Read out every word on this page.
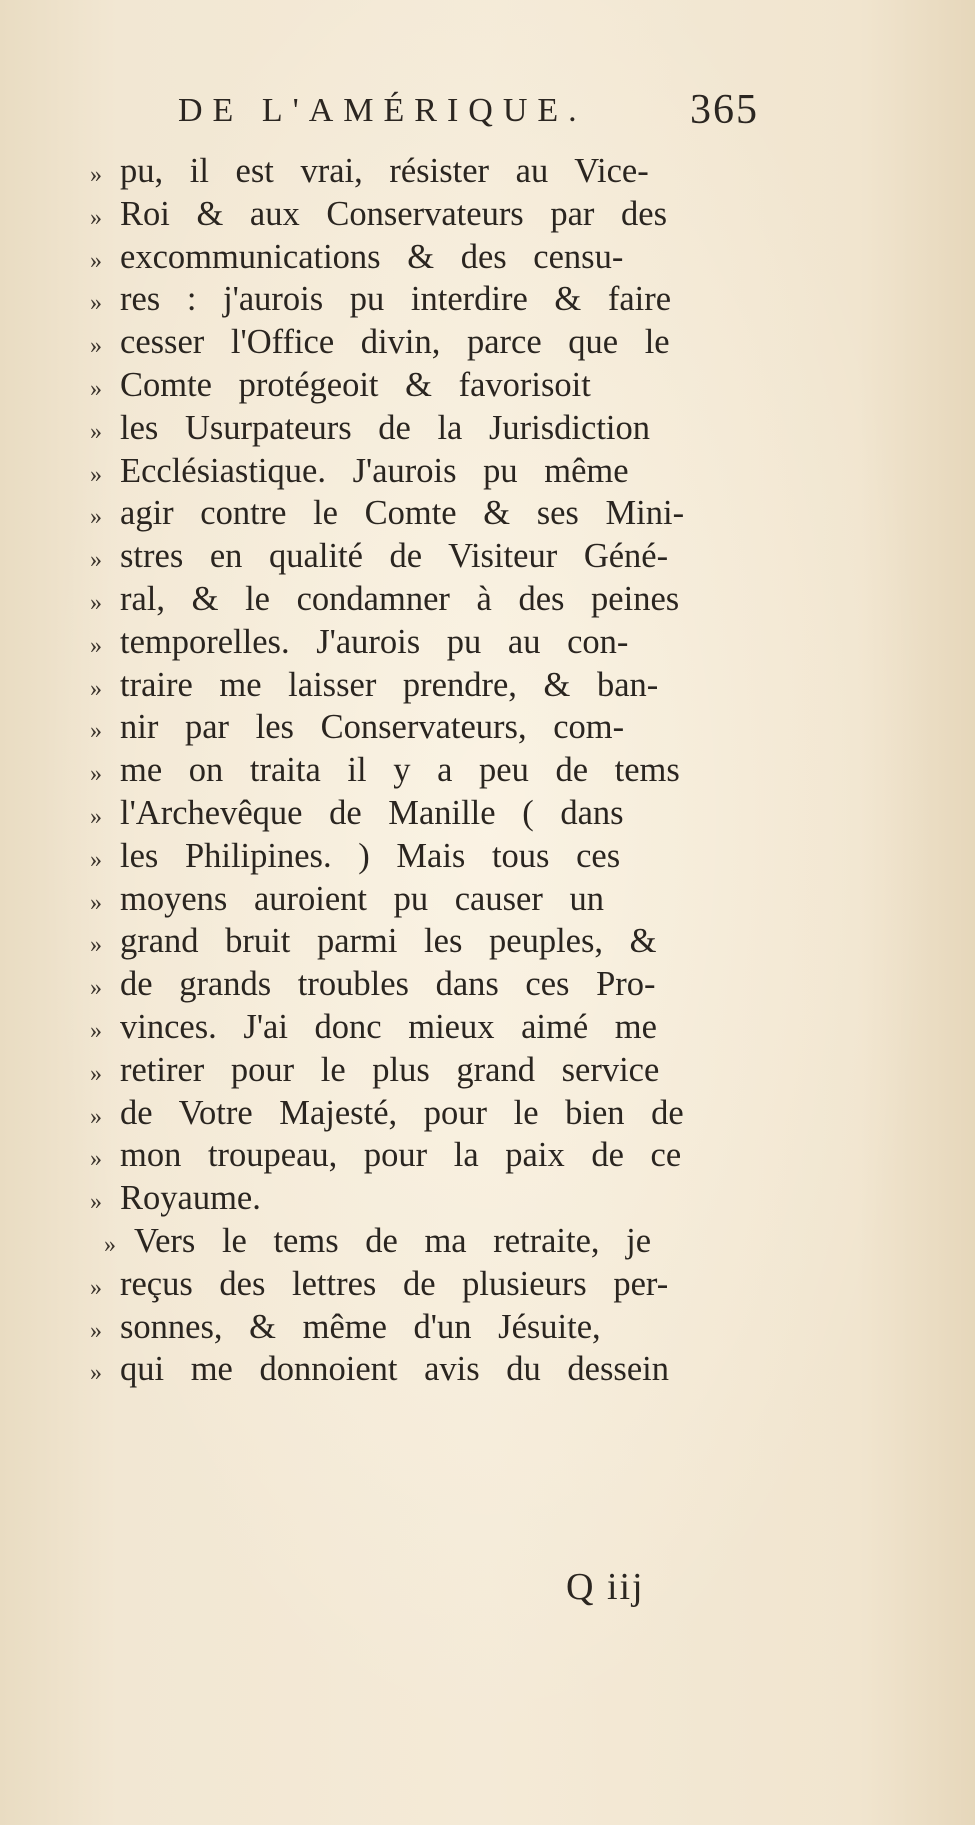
DE L'AMÉRIQUE. 365
» pu, il est vrai, résister au Vice-
» Roi & aux Conservateurs par des
» excommunications & des censu-
» res : j'aurois pu interdire & faire
» cesser l'Office divin, parce que le
» Comte protégeoit & favorisoit
» les Usurpateurs de la Jurisdiction
» Ecclésiastique. J'aurois pu même
» agir contre le Comte & ses Mini-
» stres en qualité de Visiteur Géné-
» ral, & le condamner à des peines
» temporelles. J'aurois pu au con-
» traire me laisser prendre, & ban-
» nir par les Conservateurs, com-
» me on traita il y a peu de tems
» l'Archevêque de Manille ( dans
» les Philipines. ) Mais tous ces
» moyens auroient pu causer un
» grand bruit parmi les peuples, &
» de grands troubles dans ces Pro-
» vinces. J'ai donc mieux aimé me
» retirer pour le plus grand service
» de Votre Majesté, pour le bien de
» mon troupeau, pour la paix de ce
» Royaume.
» Vers le tems de ma retraite, je
» reçus des lettres de plusieurs per-
» sonnes, & même d'un Jésuite,
» qui me donnoient avis du dessein
Q iij
